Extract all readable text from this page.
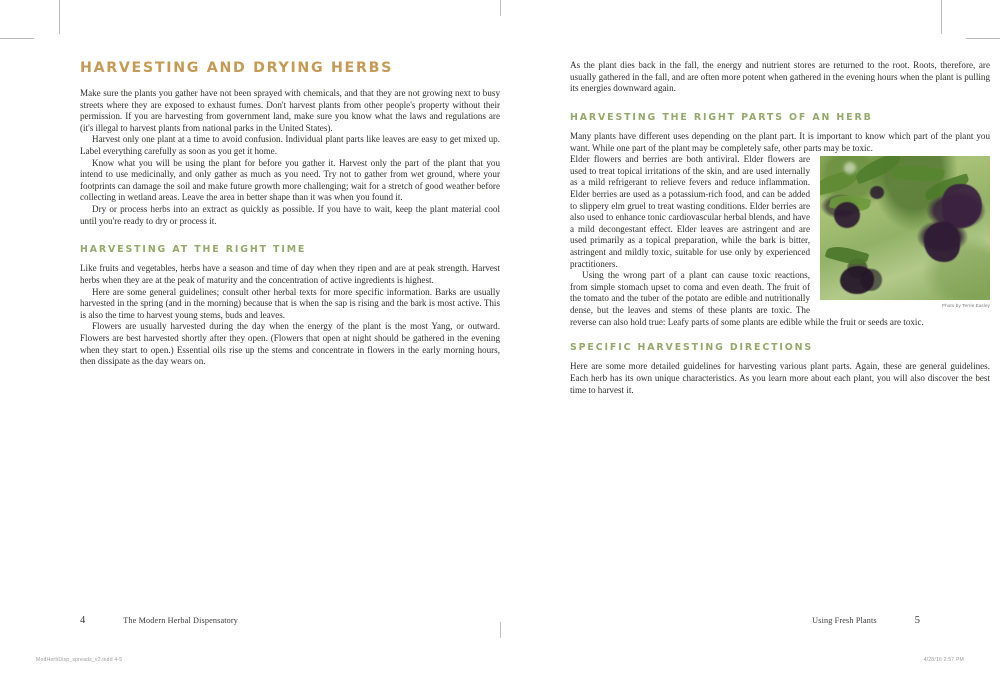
HARVESTING AND DRYING HERBS

Make sure the plants you gather have not been sprayed with chemicals, and that they are not growing next to busy streets where they are exposed to exhaust fumes. Don't harvest plants from other people's property without their permission. If you are harvesting from government land, make sure you know what the laws and regulations are (it's illegal to harvest plants from national parks in the United States).

Harvest only one plant at a time to avoid confusion. Individual plant parts like leaves are easy to get mixed up. Label everything carefully as soon as you get it home.

Know what you will be using the plant for before you gather it. Harvest only the part of the plant that you intend to use medicinally, and only gather as much as you need. Try not to gather from wet ground, where your footprints can damage the soil and make future growth more challenging; wait for a stretch of good weather before collecting in wetland areas. Leave the area in better shape than it was when you found it.

Dry or process herbs into an extract as quickly as possible. If you have to wait, keep the plant material cool until you're ready to dry or process it.

HARVESTING AT THE RIGHT TIME

Like fruits and vegetables, herbs have a season and time of day when they ripen and are at peak strength. Harvest herbs when they are at the peak of maturity and the concentration of active ingredients is highest.

Here are some general guidelines; consult other herbal texts for more specific information. Barks are usually harvested in the spring (and in the morning) because that is when the sap is rising and the bark is most active. This is also the time to harvest young stems, buds and leaves.

Flowers are usually harvested during the day when the energy of the plant is the most Yang, or outward. Flowers are best harvested shortly after they open. (Flowers that open at night should be gathered in the evening when they start to open.) Essential oils rise up the stems and concentrate in flowers in the early morning hours, then dissipate as the day wears on.

As the plant dies back in the fall, the energy and nutrient stores are returned to the root. Roots, therefore, are usually gathered in the fall, and are often more potent when gathered in the evening hours when the plant is pulling its energies downward again.

HARVESTING THE RIGHT PARTS OF AN HERB

Many plants have different uses depending on the plant part. It is important to know which part of the plant you want. While one part of the plant may be completely safe, other parts may be toxic.

Photo by Terrie Easley

Elder flowers and berries are both antiviral. Elder flowers are used to treat topical irritations of the skin, and are used internally as a mild refrigerant to relieve fevers and reduce inflammation. Elder berries are used as a potassium-rich food, and can be added to slippery elm gruel to treat wasting conditions. Elder berries are also used to enhance tonic cardiovascular herbal blends, and have a mild decongestant effect. Elder leaves are astringent and are used primarily as a topical preparation, while the bark is bitter, astringent and mildly toxic, suitable for use only by experienced practitioners.

Using the wrong part of a plant can cause toxic reactions, from simple stomach upset to coma and even death. The fruit of the tomato and the tuber of the potato are edible and nutritionally dense, but the leaves and stems of these plants are toxic. The reverse can also hold true: Leafy parts of some plants are edible while the fruit or seeds are toxic.

SPECIFIC HARVESTING DIRECTIONS

Here are some more detailed guidelines for harvesting various plant parts. Again, these are general guidelines. Each herb has its own unique characteristics. As you learn more about each plant, you will also discover the best time to harvest it.

4	The Modern Herbal Dispensatory	Using Fresh Plants	5
ModHerbDisp_spreads_v2.indd 4-5	4/28/16 2:57 PM
